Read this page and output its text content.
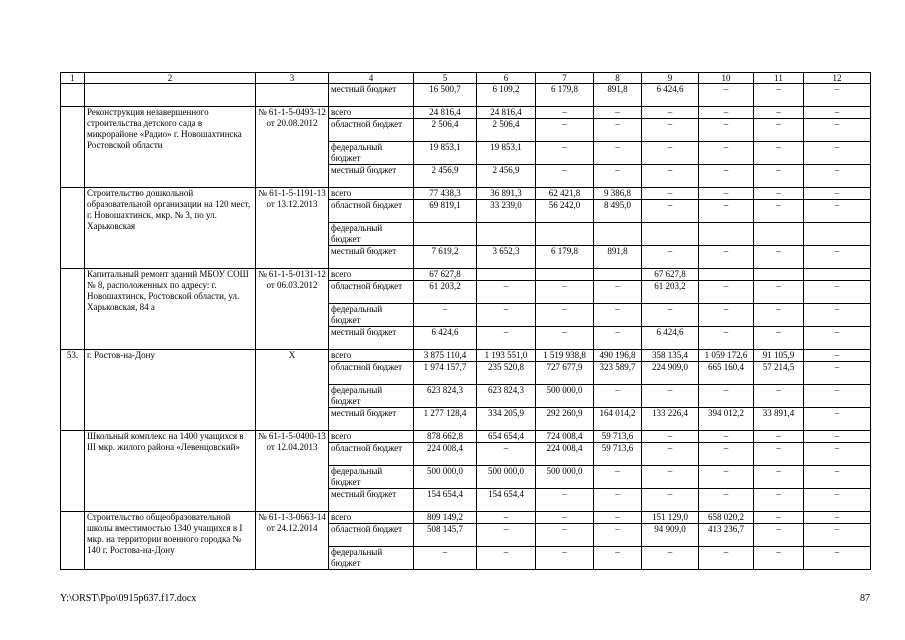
1	2	3	4	5	6	7	8	9	10	11	12
			местный бюджет	16 500,7	6 109,2	6 179,8	891,8	6 424,6	–	–	–
	Реконструкция незавершенного строительства детского сада в микрорайоне «Радио» г. Новошахтинска Ростовской области	№ 61-1-5-0493-12 от 20.08.2012	всего	24 816,4	24 816,4	–	–	–	–	–	–
			областной бюджет	2 506,4	2 506,4	–	–	–	–	–	–
			федеральный бюджет	19 853,1	19 853,1	–	–	–	–	–	–
			местный бюджет	2 456,9	2 456,9	–	–	–	–	–	–
	Строительство дошкольной образовательной организации на 120 мест, г. Новошахтинск, мкр. № 3, по ул. Харьковская	№ 61-1-5-1191-13 от 13.12.2013	всего	77 438,3	36 891,3	62 421,8	9 386,8	–	–	–	–
			областной бюджет	69 819,1	33 239,0	56 242,0	8 495,0	–	–	–	–
			федеральный бюджет								
			местный бюджет	7 619,2	3 652,3	6 179,8	891,8	–	–	–	–
	Капитальный ремонт зданий МБОУ СОШ № 8, расположенных по адресу: г. Новошахтинск, Ростовской области, ул. Харьковская, 84 а	№ 61-1-5-0131-12 от 06.03.2012	всего	67 627,8				67 627,8			
			областной бюджет	61 203,2	–	–	–	61 203,2	–	–	–
			федеральный бюджет	–	–	–	–	–	–	–	–
			местный бюджет	6 424,6	–	–	–	6 424,6	–	–	–
53.	г. Ростов-на-Дону	Х	всего	3 875 110,4	1 193 551,0	1 519 938,8	490 196,8	358 135,4	1 059 172,6	91 105,9	–
			областной бюджет	1 974 157,7	235 520,8	727 677,9	323 589,7	224 909,0	665 160,4	57 214,5	–
			федеральный бюджет	623 824,3	623 824,3	500 000,0	–	–	–	–	–
			местный бюджет	1 277 128,4	334 205,9	292 260,9	164 014,2	133 226,4	394 012,2	33 891,4	–
	Школьный комплекс на 1400 учащихся в III мкр. жилого района «Левенцовский»	№ 61-1-5-0400-13 от 12.04.2013	всего	878 662,8	654 654,4	724 008,4	59 713,6	–	–	–	–
			областной бюджет	224 008,4	–	224 008,4	59 713,6	–	–	–	–
			федеральный бюджет	500 000,0	500 000,0	500 000,0	–	–	–	–	–
			местный бюджет	154 654,4	154 654,4	–	–	–	–	–	–
	Строительство общеобразовательной школы вместимостью 1340 учащихся в I мкр. на территории военного городка № 140 г. Ростова-на-Дону	№ 61-1-3-0663-14 от 24.12.2014	всего	809 149,2	–	–	–	151 129,0	658 020,2	–	–
			областной бюджет	508 145,7	–	–	–	94 909,0	413 236,7	–	–
			федеральный бюджет	–	–	–	–	–	–	–	–
Y:\ORST\Ppo\0915p637.f17.docx	87
